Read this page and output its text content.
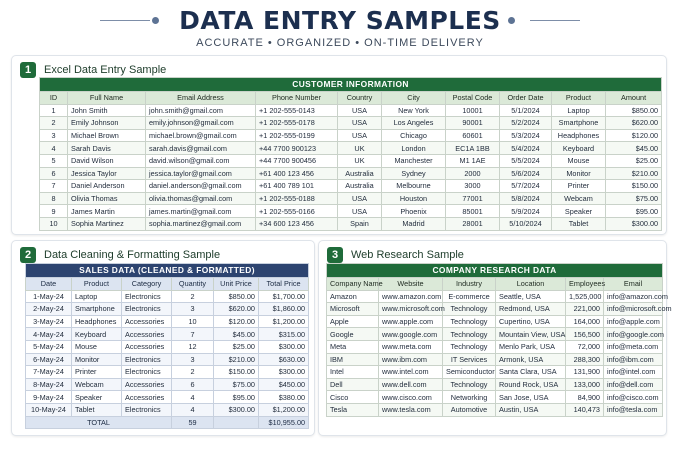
DATA ENTRY SAMPLES
ACCURATE • ORGANIZED • ON-TIME DELIVERY
1	Excel Data Entry Sample
CUSTOMER INFORMATION									
ID	Full Name	Email Address	Phone Number	Country	City	Postal Code	Order Date	Product	Amount
1	John Smith	john.smith@gmail.com	+1 202-555-0143	USA	New York	10001	5/1/2024	Laptop	$850.00
2	Emily Johnson	emily.johnson@gmail.com	+1 202-555-0178	USA	Los Angeles	90001	5/2/2024	Smartphone	$620.00
3	Michael Brown	michael.brown@gmail.com	+1 202-555-0199	USA	Chicago	60601	5/3/2024	Headphones	$120.00
4	Sarah Davis	sarah.davis@gmail.com	+44 7700 900123	UK	London	EC1A 1BB	5/4/2024	Keyboard	$45.00
5	David Wilson	david.wilson@gmail.com	+44 7700 900456	UK	Manchester	M1 1AE	5/5/2024	Mouse	$25.00
6	Jessica Taylor	jessica.taylor@gmail.com	+61 400 123 456	Australia	Sydney	2000	5/6/2024	Monitor	$210.00
7	Daniel Anderson	daniel.anderson@gmail.com	+61 400 789 101	Australia	Melbourne	3000	5/7/2024	Printer	$150.00
8	Olivia Thomas	olivia.thomas@gmail.com	+1 202-555-0188	USA	Houston	77001	5/8/2024	Webcam	$75.00
9	James Martin	james.martin@gmail.com	+1 202-555-0166	USA	Phoenix	85001	5/9/2024	Speaker	$95.00
10	Sophia Martinez	sophia.martinez@gmail.com	+34 600 123 456	Spain	Madrid	28001	5/10/2024	Tablet	$300.00
2	Data Cleaning & Formatting Sample
SALES DATA (CLEANED & FORMATTED)					
Date	Product	Category	Quantity	Unit Price	Total Price
1-May-24	Laptop	Electronics	2	$850.00	$1,700.00
2-May-24	Smartphone	Electronics	3	$620.00	$1,860.00
3-May-24	Headphones	Accessories	10	$120.00	$1,200.00
4-May-24	Keyboard	Accessories	7	$45.00	$315.00
5-May-24	Mouse	Accessories	12	$25.00	$300.00
6-May-24	Monitor	Electronics	3	$210.00	$630.00
7-May-24	Printer	Electronics	2	$150.00	$300.00
8-May-24	Webcam	Accessories	6	$75.00	$450.00
9-May-24	Speaker	Accessories	4	$95.00	$380.00
10-May-24	Tablet	Electronics	4	$300.00	$1,200.00
TOTAL			59		$10,955.00
3	Web Research Sample
COMPANY RESEARCH DATA					
Company Name	Website	Industry	Location	Employees	Email
Amazon	www.amazon.com	E-commerce	Seattle, USA	1,525,000	info@amazon.com
Microsoft	www.microsoft.com	Technology	Redmond, USA	221,000	info@microsoft.com
Apple	www.apple.com	Technology	Cupertino, USA	164,000	info@apple.com
Google	www.google.com	Technology	Mountain View, USA	156,500	info@google.com
Meta	www.meta.com	Technology	Menlo Park, USA	72,000	info@meta.com
IBM	www.ibm.com	IT Services	Armonk, USA	288,300	info@ibm.com
Intel	www.intel.com	Semiconductor	Santa Clara, USA	131,900	info@intel.com
Dell	www.dell.com	Technology	Round Rock, USA	133,000	info@dell.com
Cisco	www.cisco.com	Networking	San Jose, USA	84,900	info@cisco.com
Tesla	www.tesla.com	Automotive	Austin, USA	140,473	info@tesla.com
